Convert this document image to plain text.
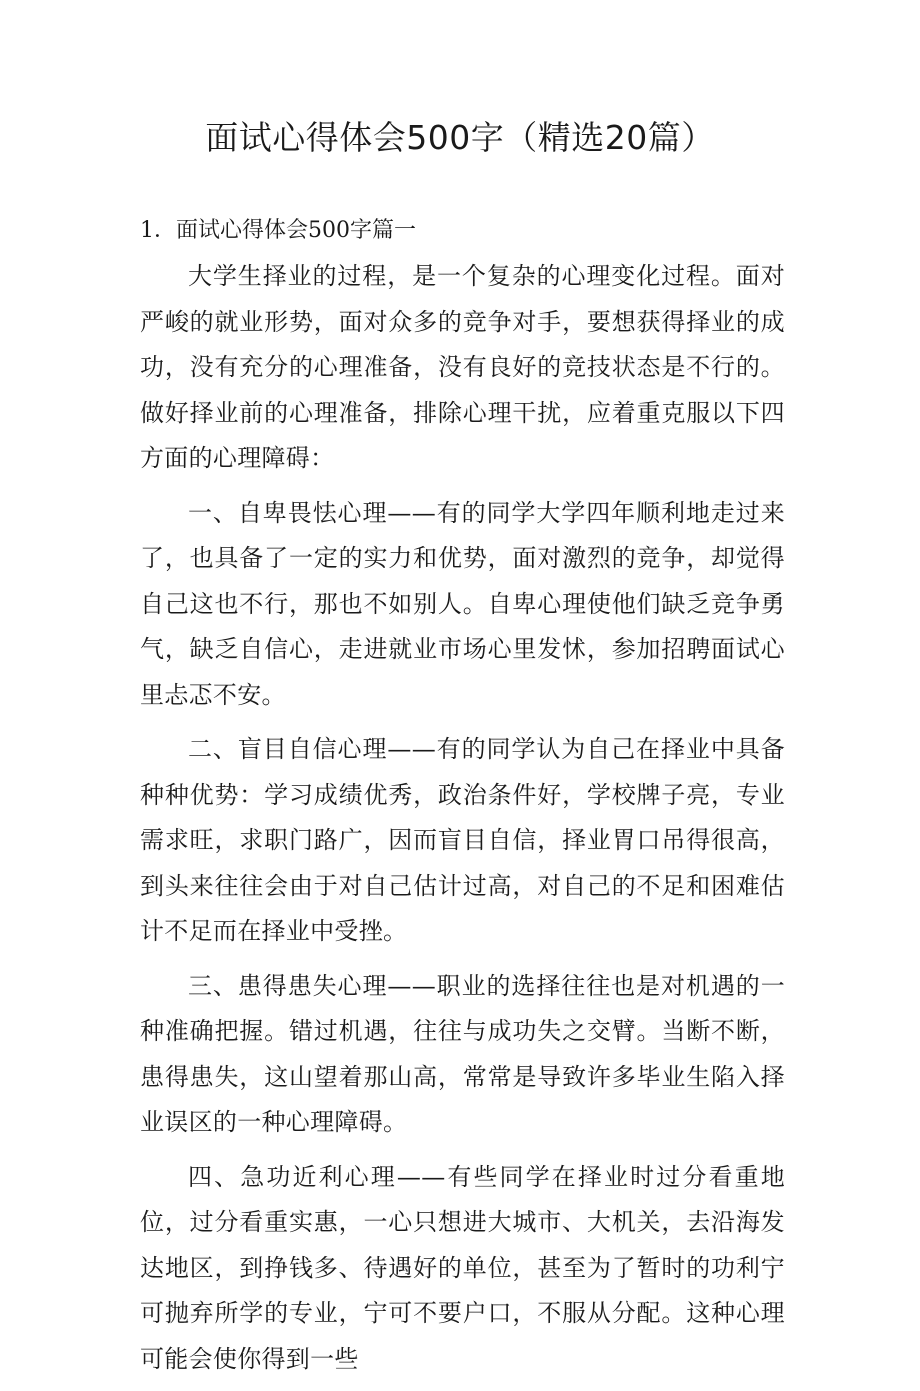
面试心得体会500字（精选20篇）
1．面试心得体会500字篇一

大学生择业的过程，是一个复杂的心理变化过程。面对严峻的就业形势，面对众多的竞争对手，要想获得择业的成功，没有充分的心理准备，没有良好的竞技状态是不行的。做好择业前的心理准备，排除心理干扰，应着重克服以下四方面的心理障碍：

一、自卑畏怯心理——有的同学大学四年顺利地走过来了，也具备了一定的实力和优势，面对激烈的竞争，却觉得自己这也不行，那也不如别人。自卑心理使他们缺乏竞争勇气，缺乏自信心，走进就业市场心里发怵，参加招聘面试心里忐忑不安。

二、盲目自信心理——有的同学认为自己在择业中具备种种优势：学习成绩优秀，政治条件好，学校牌子亮，专业需求旺，求职门路广，因而盲目自信，择业胃口吊得很高，到头来往往会由于对自己估计过高，对自己的不足和困难估计不足而在择业中受挫。

三、患得患失心理——职业的选择往往也是对机遇的一种准确把握。错过机遇，往往与成功失之交臂。当断不断，患得患失，这山望着那山高，常常是导致许多毕业生陷入择业误区的一种心理障碍。

四、急功近利心理——有些同学在择业时过分看重地位，过分看重实惠，一心只想进大城市、大机关，去沿海发达地区，到挣钱多、待遇好的单位，甚至为了暂时的功利宁可抛弃所学的专业，宁可不要户口，不服从分配。这种心理可能会使你得到一些
